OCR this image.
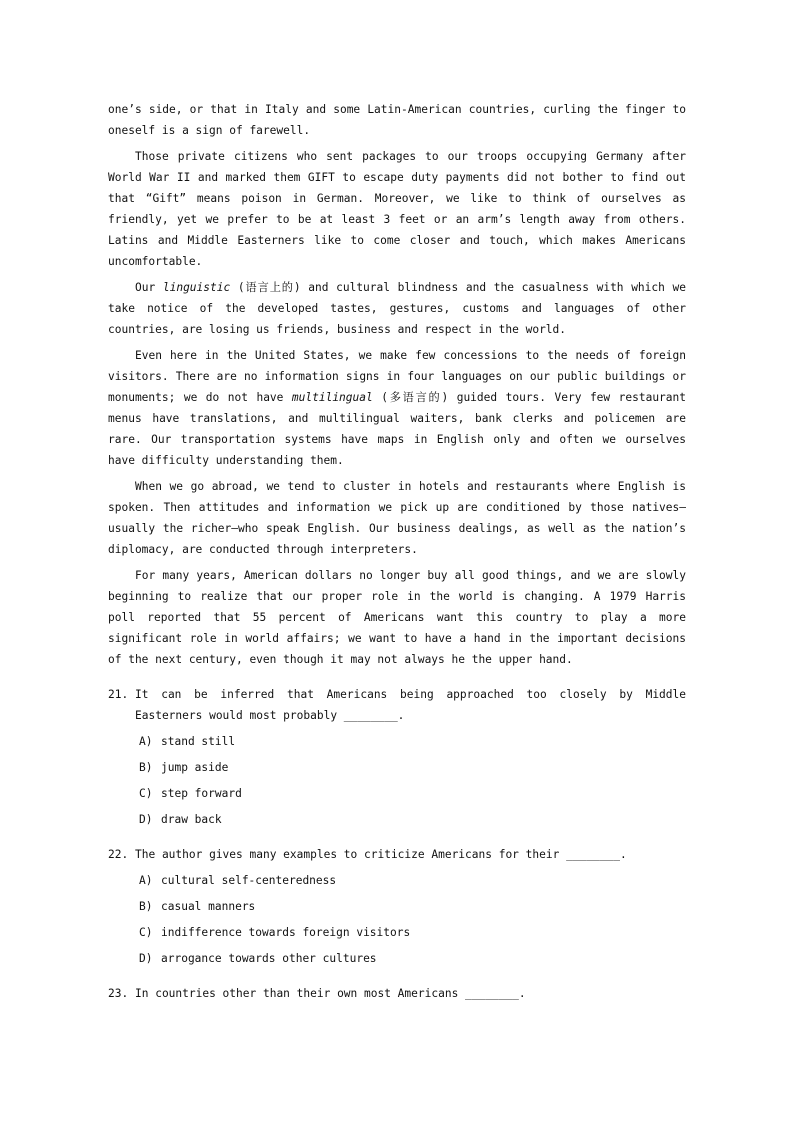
one’s side, or that in Italy and some Latin-American countries, curling the finger to oneself is a sign of farewell.

Those private citizens who sent packages to our troops occupying Germany after World War II and marked them GIFT to escape duty payments did not bother to find out that “Gift” means poison in German. Moreover, we like to think of ourselves as friendly, yet we prefer to be at least 3 feet or an arm’s length away from others. Latins and Middle Easterners like to come closer and touch, which makes Americans uncomfortable.

Our linguistic (语言上的) and cultural blindness and the casualness with which we take notice of the developed tastes, gestures, customs and languages of other countries, are losing us friends, business and respect in the world.

Even here in the United States, we make few concessions to the needs of foreign visitors. There are no information signs in four languages on our public buildings or monuments; we do not have multilingual (多语言的) guided tours. Very few restaurant menus have translations, and multilingual waiters, bank clerks and policemen are rare. Our transportation systems have maps in English only and often we ourselves have difficulty understanding them.

When we go abroad, we tend to cluster in hotels and restaurants where English is spoken. Then attitudes and information we pick up are conditioned by those natives—usually the richer—who speak English. Our business dealings, as well as the nation’s diplomacy, are conducted through interpreters.

For many years, American dollars no longer buy all good things, and we are slowly beginning to realize that our proper role in the world is changing. A 1979 Harris poll reported that 55 percent of Americans want this country to play a more significant role in world affairs; we want to have a hand in the important decisions of the next century, even though it may not always he the upper hand.

21. It can be inferred that Americans being approached too closely by Middle Easterners would most probably ________.
A) stand still
B) jump aside
C) step forward
D) draw back
22. The author gives many examples to criticize Americans for their ________.
A) cultural self-centeredness
B) casual manners
C) indifference towards foreign visitors
D) arrogance towards other cultures
23. In countries other than their own most Americans ________.
